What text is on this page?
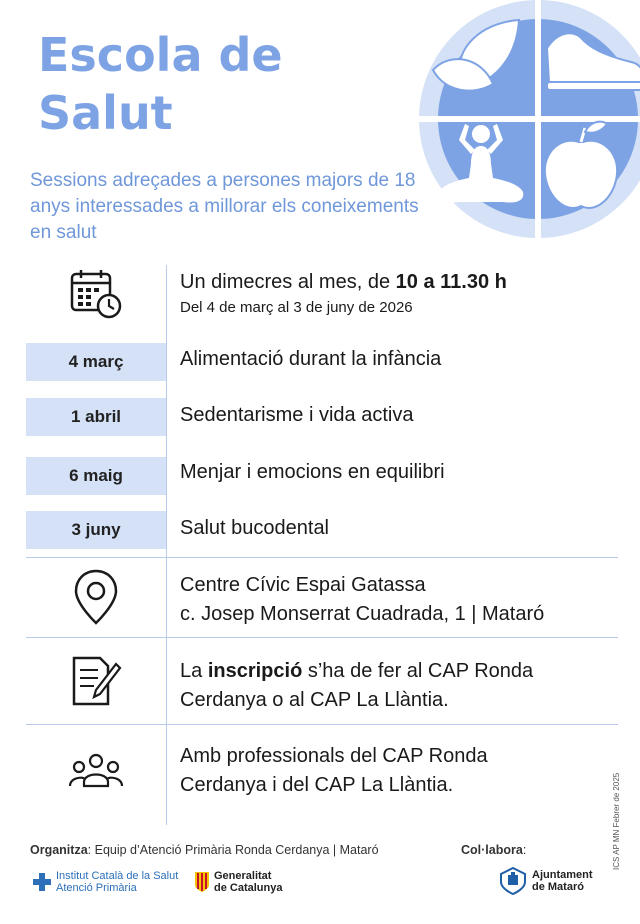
Escola de
Salut
Sessions adreçades a persones majors de 18 anys interessades a millorar els coneixements en salut
Un dimecres al mes, de 10 a 11.30 h
Del 4 de març al 3 de juny de 2026
4 març	Alimentació durant la infància
1 abril	Sedentarisme i vida activa
6 maig	Menjar i emocions en equilibri
3 juny	Salut bucodental
Centre Cívic Espai Gatassa
c. Josep Monserrat Cuadrada, 1 | Mataró
La inscripció s’ha de fer al CAP Ronda
Cerdanya o al CAP La Llàntia.
Amb professionals del CAP Ronda
Cerdanya i del CAP La Llàntia.
Organitza: Equip d’Atenció Primària Ronda Cerdanya | Mataró	Col·labora:	ICS AP MN Febrer de 2025
Institut Català de la Salut
Atenció Primària
Generalitat
de Catalunya
Ajuntament
de Mataró
